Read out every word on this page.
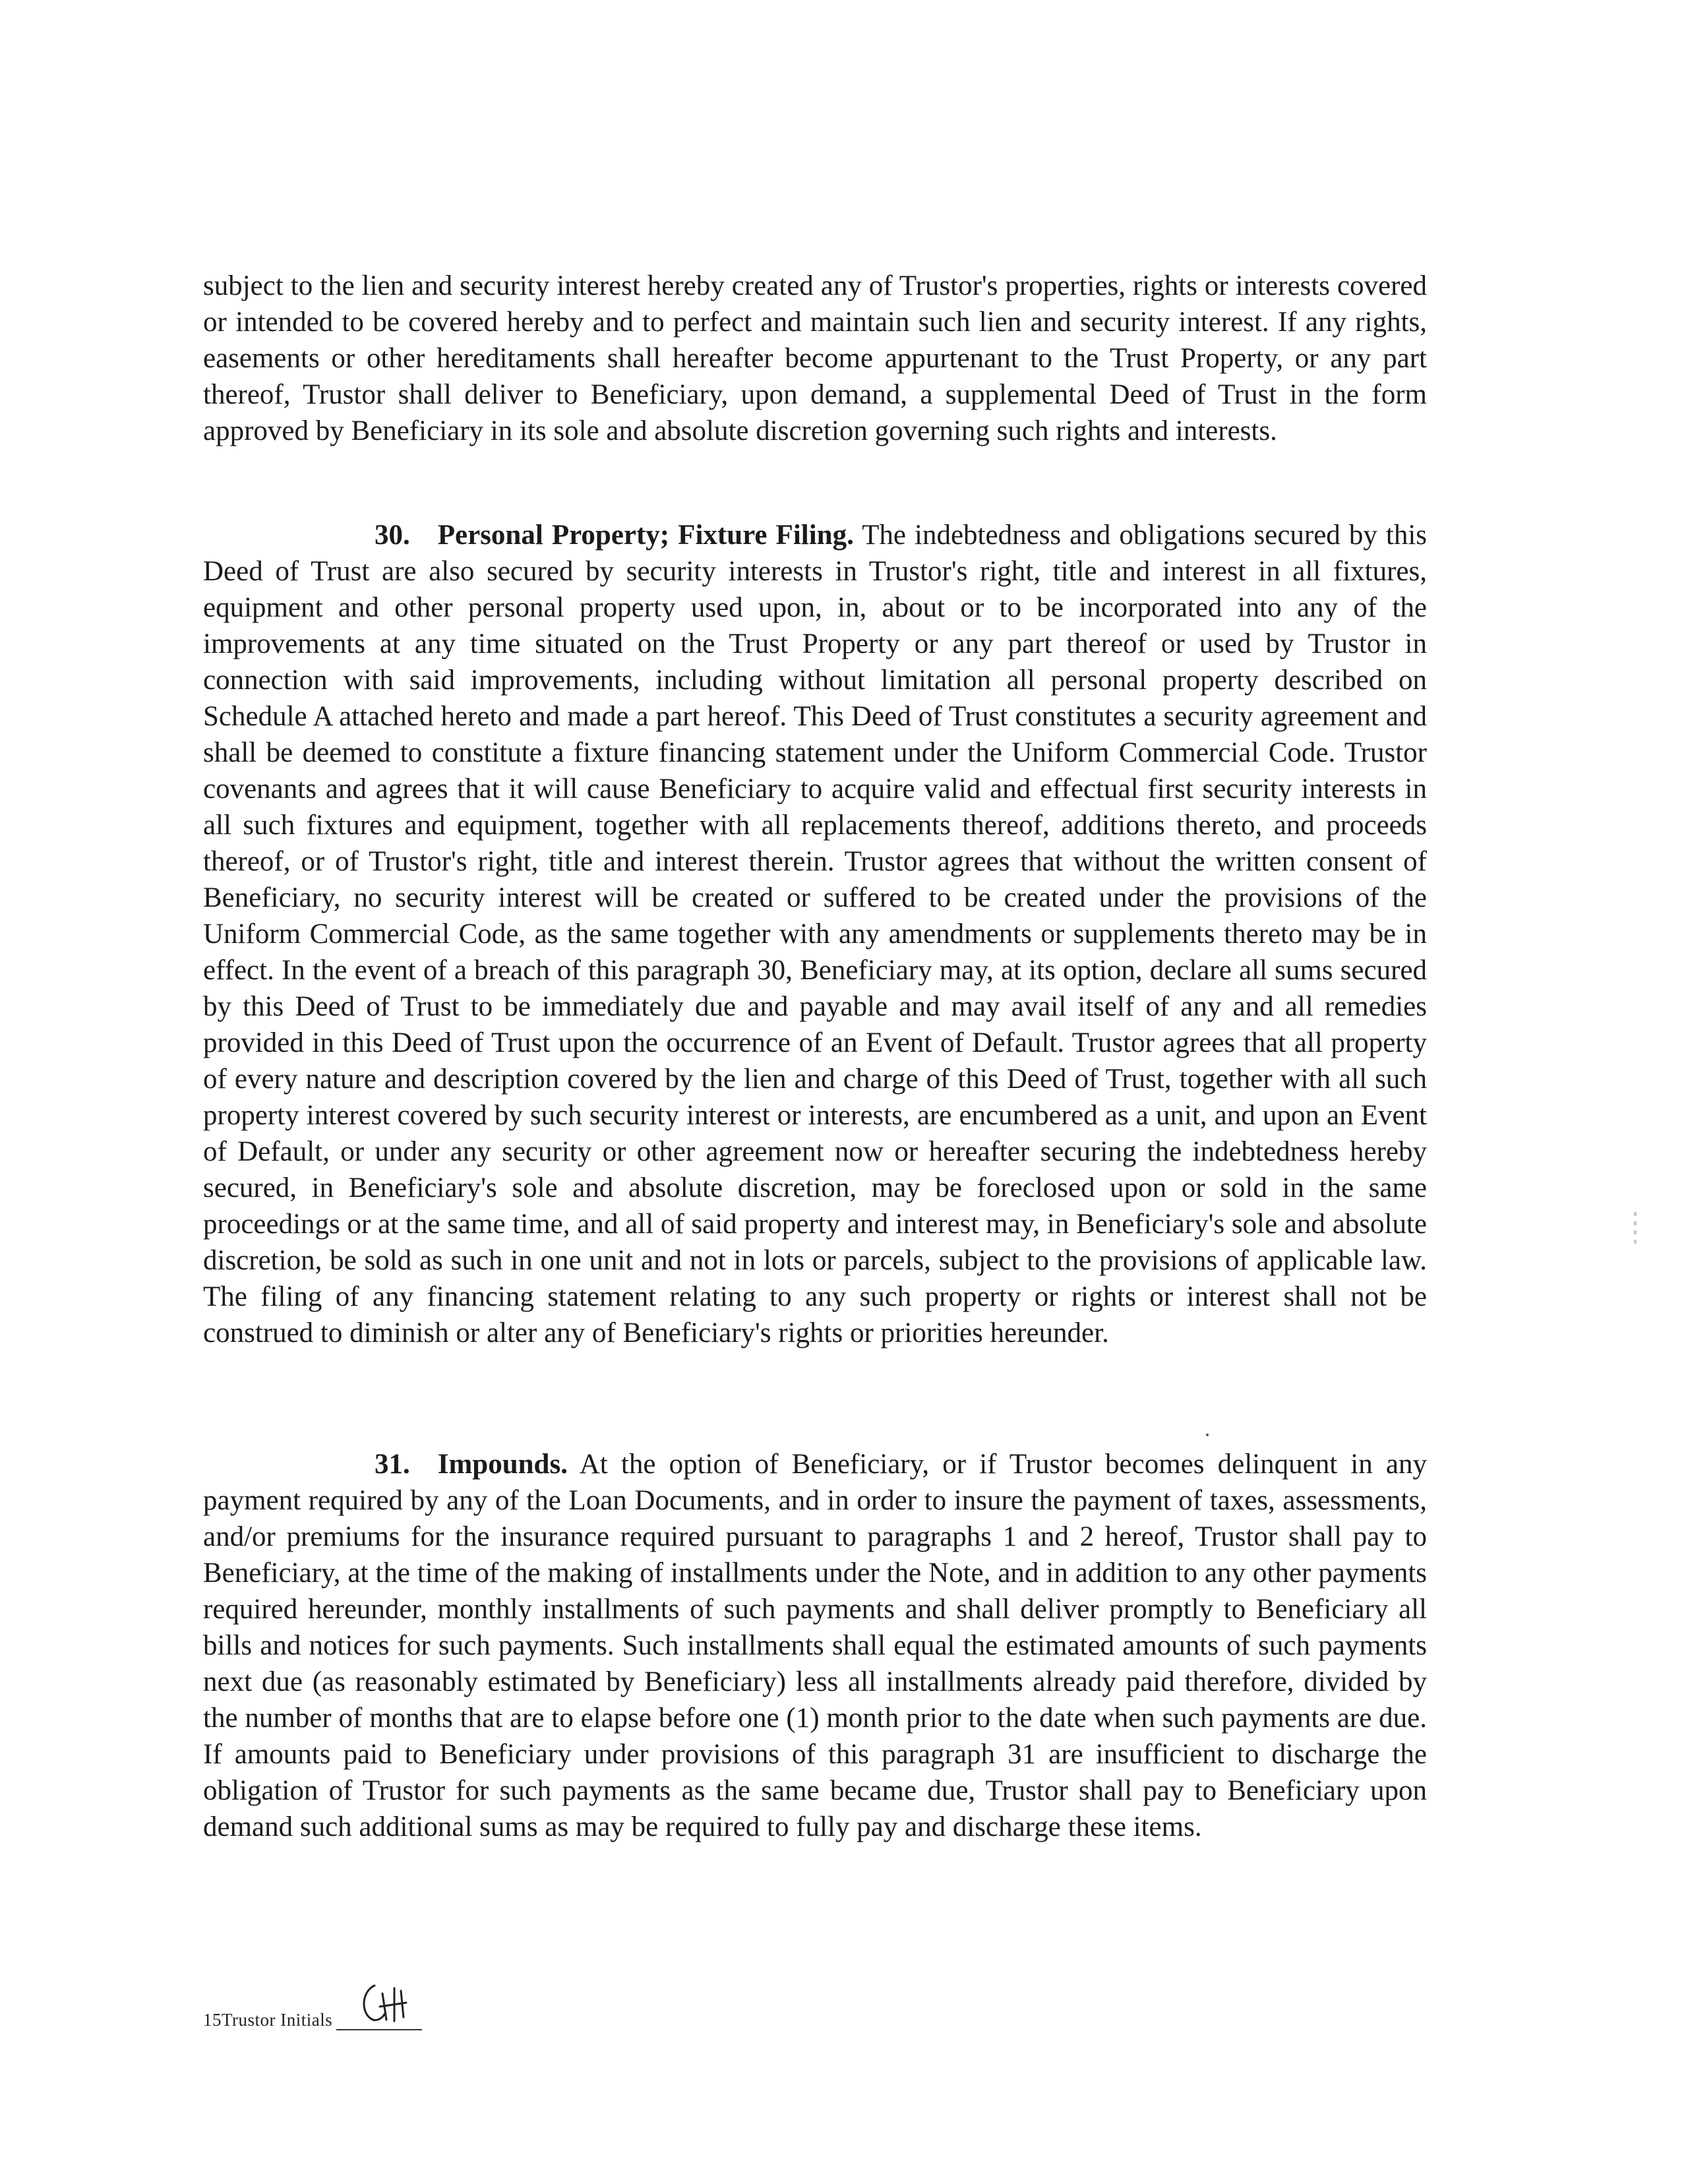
subject to the lien and security interest hereby created any of Trustor's properties, rights or interests covered or intended to be covered hereby and to perfect and maintain such lien and security interest. If any rights, easements or other hereditaments shall hereafter become appurtenant to the Trust Property, or any part thereof, Trustor shall deliver to Beneficiary, upon demand, a supplemental Deed of Trust in the form approved by Beneficiary in its sole and absolute discretion governing such rights and interests.

30. Personal Property; Fixture Filing. The indebtedness and obligations secured by this Deed of Trust are also secured by security interests in Trustor's right, title and interest in all fixtures, equipment and other personal property used upon, in, about or to be incorporated into any of the improvements at any time situated on the Trust Property or any part thereof or used by Trustor in connection with said improvements, including without limitation all personal property described on Schedule A attached hereto and made a part hereof. This Deed of Trust constitutes a security agreement and shall be deemed to constitute a fixture financing statement under the Uniform Commercial Code. Trustor covenants and agrees that it will cause Beneficiary to acquire valid and effectual first security interests in all such fixtures and equipment, together with all replacements thereof, additions thereto, and proceeds thereof, or of Trustor's right, title and interest therein. Trustor agrees that without the written consent of Beneficiary, no security interest will be created or suffered to be created under the provisions of the Uniform Commercial Code, as the same together with any amendments or supplements thereto may be in effect. In the event of a breach of this paragraph 30, Beneficiary may, at its option, declare all sums secured by this Deed of Trust to be immediately due and payable and may avail itself of any and all remedies provided in this Deed of Trust upon the occurrence of an Event of Default. Trustor agrees that all property of every nature and description covered by the lien and charge of this Deed of Trust, together with all such property interest covered by such security interest or interests, are encumbered as a unit, and upon an Event of Default, or under any security or other agreement now or hereafter securing the indebtedness hereby secured, in Beneficiary's sole and absolute discretion, may be foreclosed upon or sold in the same proceedings or at the same time, and all of said property and interest may, in Beneficiary's sole and absolute discretion, be sold as such in one unit and not in lots or parcels, subject to the provisions of applicable law. The filing of any financing statement relating to any such property or rights or interest shall not be construed to diminish or alter any of Beneficiary's rights or priorities hereunder.

31. Impounds. At the option of Beneficiary, or if Trustor becomes delinquent in any payment required by any of the Loan Documents, and in order to insure the payment of taxes, assessments, and/or premiums for the insurance required pursuant to paragraphs 1 and 2 hereof, Trustor shall pay to Beneficiary, at the time of the making of installments under the Note, and in addition to any other payments required hereunder, monthly installments of such payments and shall deliver promptly to Beneficiary all bills and notices for such payments. Such installments shall equal the estimated amounts of such payments next due (as reasonably estimated by Beneficiary) less all installments already paid therefore, divided by the number of months that are to elapse before one (1) month prior to the date when such payments are due. If amounts paid to Beneficiary under provisions of this paragraph 31 are insufficient to discharge the obligation of Trustor for such payments as the same became due, Trustor shall pay to Beneficiary upon demand such additional sums as may be required to fully pay and discharge these items.

15 Trustor Initials
